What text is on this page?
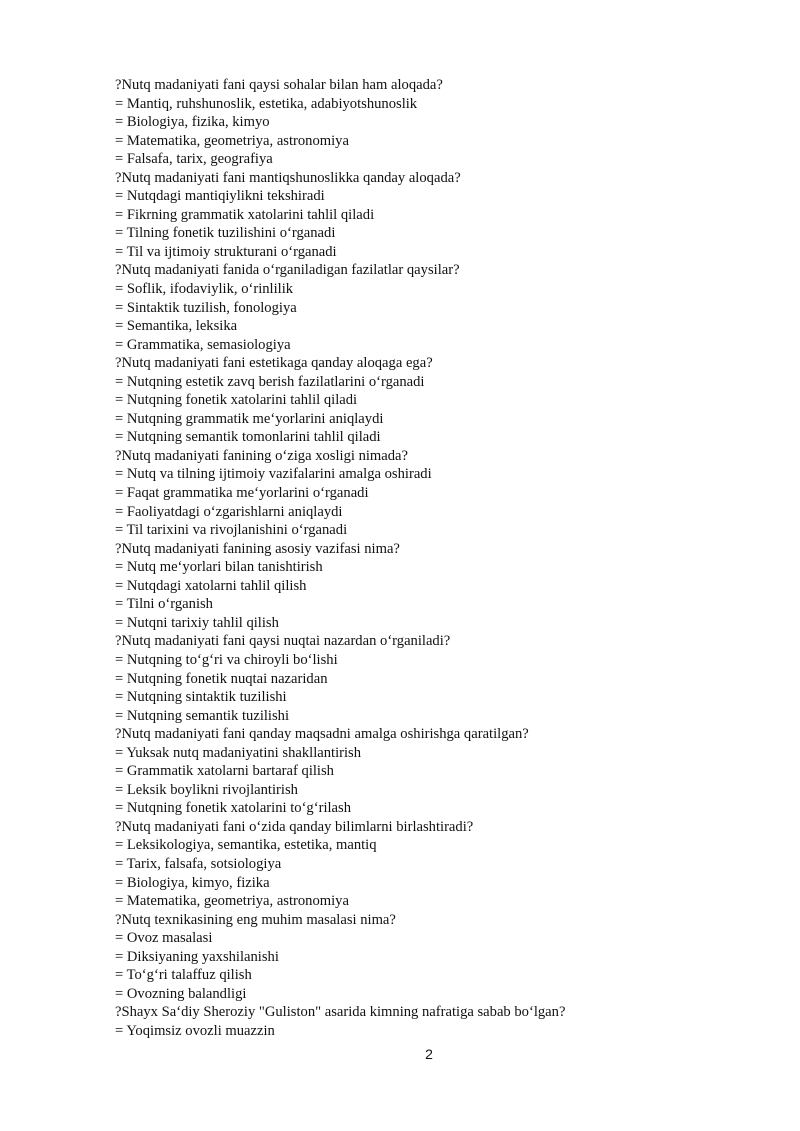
?Nutq madaniyati fani qaysi sohalar bilan ham aloqada?
= Mantiq, ruhshunoslik, estetika, adabiyotshunoslik
= Biologiya, fizika, kimyo
= Matematika, geometriya, astronomiya
= Falsafa, tarix, geografiya
?Nutq madaniyati fani mantiqshunoslikka qanday aloqada?
= Nutqdagi mantiqiylikni tekshiradi
= Fikrning grammatik xatolarini tahlil qiladi
= Tilning fonetik tuzilishini o‘rganadi
= Til va ijtimoiy strukturani o‘rganadi
?Nutq madaniyati fanida o‘rganiladigan fazilatlar qaysilar?
= Soflik, ifodaviylik, o‘rinlilik
= Sintaktik tuzilish, fonologiya
= Semantika, leksika
= Grammatika, semasiologiya
?Nutq madaniyati fani estetikaga qanday aloqaga ega?
= Nutqning estetik zavq berish fazilatlarini o‘rganadi
= Nutqning fonetik xatolarini tahlil qiladi
= Nutqning grammatik me‘yorlarini aniqlaydi
= Nutqning semantik tomonlarini tahlil qiladi
?Nutq madaniyati fanining o‘ziga xosligi nimada?
= Nutq va tilning ijtimoiy vazifalarini amalga oshiradi
= Faqat grammatika me‘yorlarini o‘rganadi
= Faoliyatdagi o‘zgarishlarni aniqlaydi
= Til tarixini va rivojlanishini o‘rganadi
?Nutq madaniyati fanining asosiy vazifasi nima?
= Nutq me‘yorlari bilan tanishtirish
= Nutqdagi xatolarni tahlil qilish
= Tilni o‘rganish
= Nutqni tarixiy tahlil qilish
?Nutq madaniyati fani qaysi nuqtai nazardan o‘rganiladi?
= Nutqning to‘g‘ri va chiroyli bo‘lishi
= Nutqning fonetik nuqtai nazaridan
= Nutqning sintaktik tuzilishi
= Nutqning semantik tuzilishi
?Nutq madaniyati fani qanday maqsadni amalga oshirishga qaratilgan?
= Yuksak nutq madaniyatini shakllantirish
= Grammatik xatolarni bartaraf qilish
= Leksik boylikni rivojlantirish
= Nutqning fonetik xatolarini to‘g‘rilash
?Nutq madaniyati fani o‘zida qanday bilimlarni birlashtiradi?
= Leksikologiya, semantika, estetika, mantiq
= Tarix, falsafa, sotsiologiya
= Biologiya, kimyo, fizika
= Matematika, geometriya, astronomiya
?Nutq texnikasining eng muhim masalasi nima?
= Ovoz masalasi
= Diksiyaning yaxshilanishi
= To‘g‘ri talaffuz qilish
= Ovozning balandligi
?Shayx Sa‘diy Sheroziy "Guliston" asarida kimning nafratiga sabab bo‘lgan?
= Yoqimsiz ovozli muazzin
2
